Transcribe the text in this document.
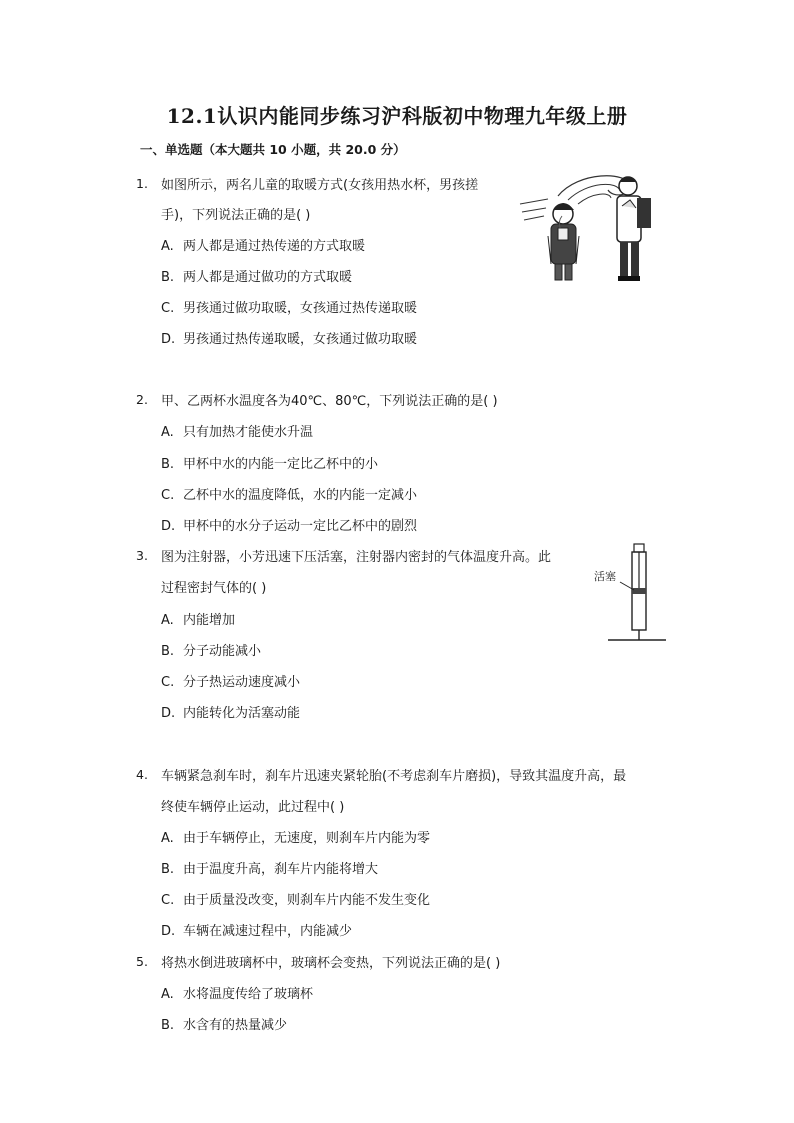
12.1认识内能同步练习沪科版初中物理九年级上册
一、单选题（本大题共 10 小题，共 20.0 分）
1. 如图所示，两名儿童的取暖方式(女孩用热水杯，男孩搓
手)，下列说法正确的是( )
A. 两人都是通过热传递的方式取暖
B. 两人都是通过做功的方式取暖
C. 男孩通过做功取暖，女孩通过热传递取暖
D. 男孩通过热传递取暖，女孩通过做功取暖
2. 甲、乙两杯水温度各为40℃、80℃，下列说法正确的是( )
A. 只有加热才能使水升温
B. 甲杯中水的内能一定比乙杯中的小
C. 乙杯中水的温度降低，水的内能一定减小
D. 甲杯中的水分子运动一定比乙杯中的剧烈
3. 图为注射器，小芳迅速下压活塞，注射器内密封的气体温度升高。此
过程密封气体的( )
A. 内能增加
B. 分子动能减小
C. 分子热运动速度减小
D. 内能转化为活塞动能
活塞
4. 车辆紧急刹车时，刹车片迅速夹紧轮胎(不考虑刹车片磨损)，导致其温度升高，最
终使车辆停止运动，此过程中( )
A. 由于车辆停止，无速度，则刹车片内能为零
B. 由于温度升高，刹车片内能将增大
C. 由于质量没改变，则刹车片内能不发生变化
D. 车辆在减速过程中，内能减少
5. 将热水倒进玻璃杯中，玻璃杯会变热，下列说法正确的是( )
A. 水将温度传给了玻璃杯
B. 水含有的热量减少
